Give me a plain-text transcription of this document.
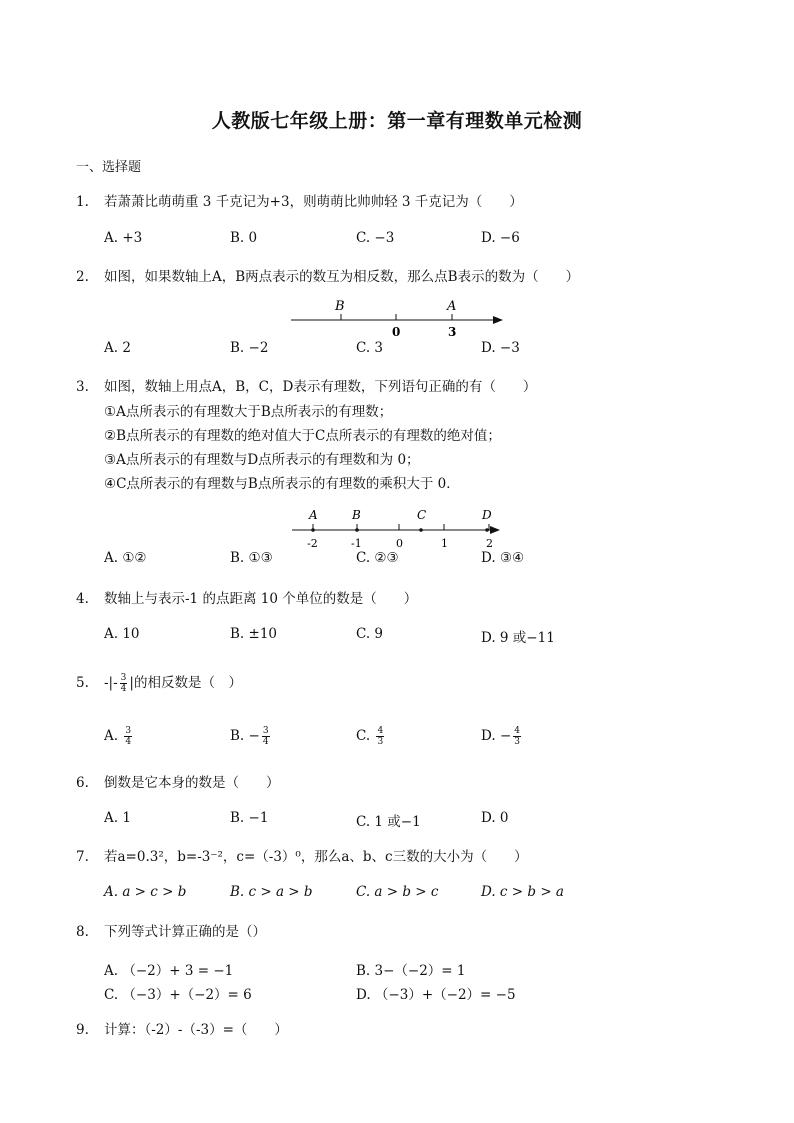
人教版七年级上册：第一章有理数单元检测
一、选择题
1.	若萧萧比萌萌重 3 千克记为+3，则萌萌比帅帅轻 3 千克记为（　　）
A. +3	B. 0	C. −3	D. −6
2.	如图，如果数轴上A，B两点表示的数互为相反数，那么点B表示的数为（　　）
B	A
0	3
A. 2	B. −2	C. 3	D. −3
3.	如图，数轴上用点A，B，C，D表示有理数，下列语句正确的有（　　）
①A点所表示的有理数大于B点所表示的有理数；
②B点所表示的有理数的绝对值大于C点所表示的有理数的绝对值；
③A点所表示的有理数与D点所表示的有理数和为 0；
④C点所表示的有理数与B点所表示的有理数的乘积大于 0．
A	B	C	D
-2	-1	0	1	2
A. ①②	B. ①③	C. ②③	D. ③④
4.	数轴上与表示-1 的点距离 10 个单位的数是（　　）
A. 10	B. ±10	C. 9	D. 9 或−11
5.	-|- $\frac{3}{4}$ |的相反数是（　）
A. $\frac{3}{4}$	B. − $\frac{3}{4}$	C. $\frac{4}{3}$	D. − $\frac{4}{3}$
6.	倒数是它本身的数是（　　）
A. 1	B. −1	C. 1 或−1	D. 0
7.	若a=0.3²，b=-3⁻²，c=（-3）⁰，那么a、b、c三数的大小为（　　）
A. a > c > b	B. c > a > b	C. a > b > c	D. c > b > a
8.	下列等式计算正确的是（）
A. （−2）+ 3 = −1	B. 3−（−2）= 1
C. （−3）+（−2）= 6	D. （−3）+（−2）= −5
9.	计算：（-2）-（-3）=（　　）
